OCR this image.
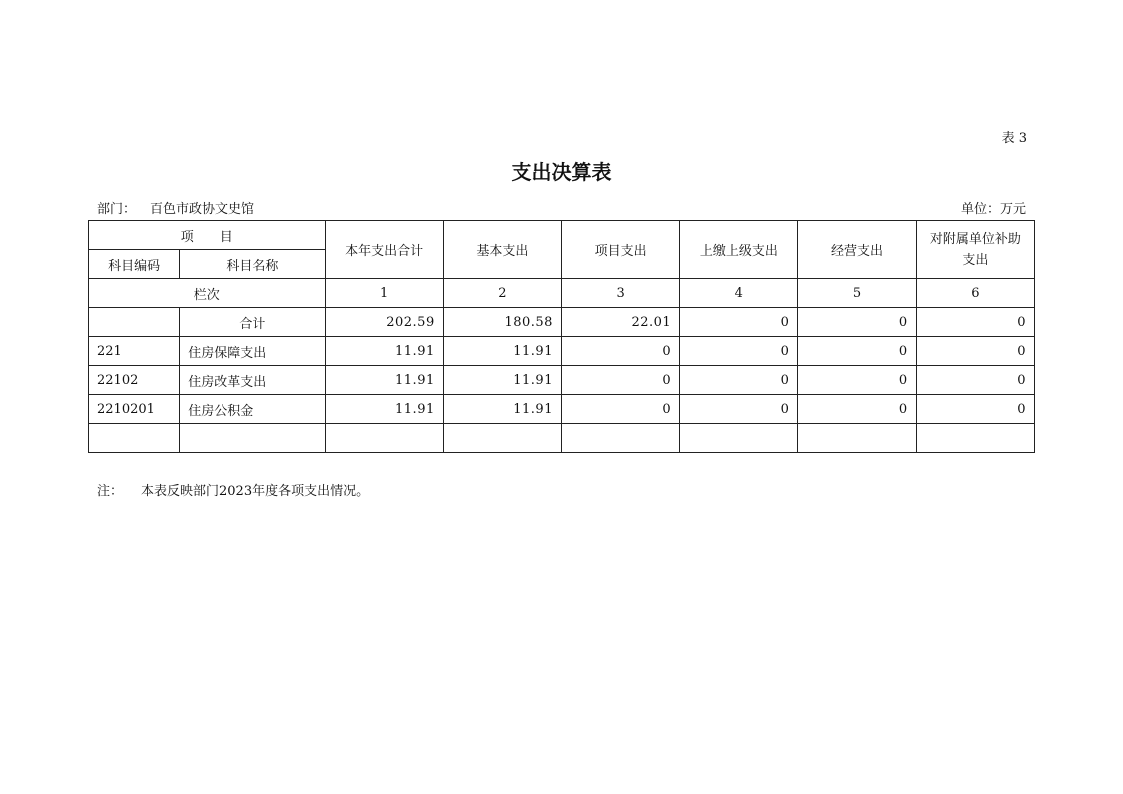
表 3
支出决算表
部门： 百色市政协文史馆	单位：万元
项　　目		本年支出合计	基本支出	项目支出	上缴上级支出	经营支出	对附属单位补助支出
科目编码	科目名称						
栏次		1	2	3	4	5	6
	合计	202.59	180.58	22.01	0	0	0
221	住房保障支出	11.91	11.91	0	0	0	0
22102	住房改革支出	11.91	11.91	0	0	0	0
2210201	住房公积金	11.91	11.91	0	0	0	0

注： 本表反映部门2023年度各项支出情况。
